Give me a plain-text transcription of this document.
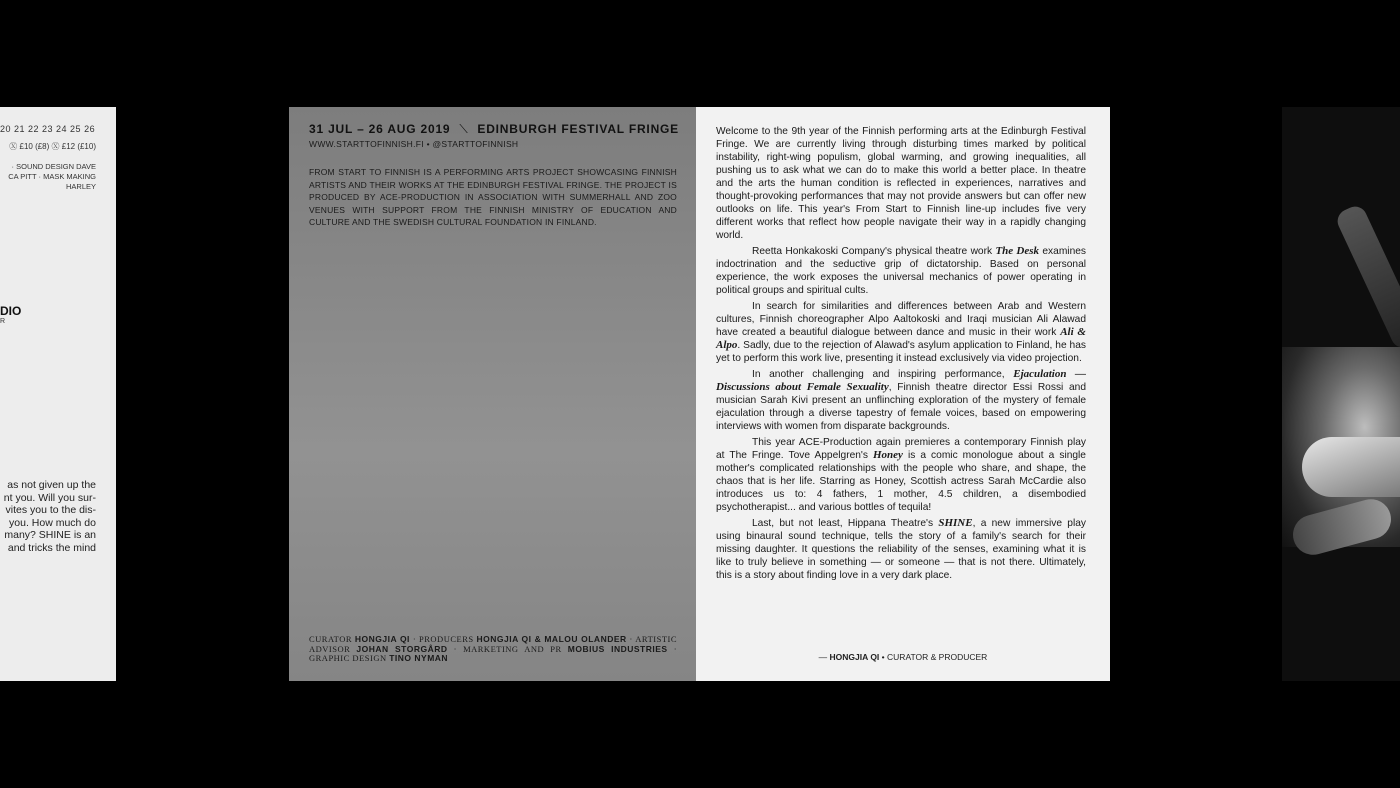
20 21 22 23 24 25 26
Ⓧ £10 (£8) Ⓧ £12 (£10)
· SOUND DESIGN DAVE
CA PITT · MASK MAKING
HARLEY
DIO
R
as not given up the nt you. Will you sur- vites you to the dis- you. How much do many? SHINE is an and tricks the mind
31 JUL – 26 AUG 2019 ⟍ EDINBURGH FESTIVAL FRINGE
WWW.STARTTOFINNISH.FI • @STARTTOFINNISH
FROM START TO FINNISH IS A PERFORMING ARTS PROJECT SHOWCASING FINNISH ARTISTS AND THEIR WORKS AT THE EDINBURGH FESTIVAL FRINGE. THE PROJECT IS PRODUCED BY ACE-PRODUCTION IN ASSOCIATION WITH SUMMERHALL AND ZOO VENUES WITH SUPPORT FROM THE FINNISH MINISTRY OF EDUCATION AND CULTURE AND THE SWEDISH CULTURAL FOUNDATION IN FINLAND.
CURATOR HONGJIA QI · PRODUCERS HONGJIA QI & MALOU OLANDER · ARTISTIC ADVISOR JOHAN STORGÅRD · MARKETING AND PR MOBIUS INDUSTRIES · GRAPHIC DESIGN TINO NYMAN

Welcome to the 9th year of the Finnish performing arts at the Edinburgh Festival Fringe. We are currently living through disturbing times marked by political instability, right-wing populism, global warming, and growing inequalities, all pushing us to ask what we can do to make this world a better place. In theatre and the arts the human condition is reflected in experiences, narratives and thought-provoking performances that may not provide answers but can offer new outlooks on life. This year's From Start to Finnish line-up includes five very different works that reflect how people navigate their way in a rapidly changing world.

Reetta Honkakoski Company's physical theatre work The Desk examines indoctrination and the seductive grip of dictatorship. Based on personal experience, the work exposes the universal mechanics of power operating in political groups and spiritual cults.

In search for similarities and differences between Arab and Western cultures, Finnish choreographer Alpo Aaltokoski and Iraqi musician Ali Alawad have created a beautiful dialogue between dance and music in their work Ali & Alpo. Sadly, due to the rejection of Alawad's asylum application to Finland, he has yet to perform this work live, presenting it instead exclusively via video projection.

In another challenging and inspiring performance, Ejaculation — Discussions about Female Sexuality, Finnish theatre director Essi Rossi and musician Sarah Kivi present an unflinching exploration of the mystery of female ejaculation through a diverse tapestry of female voices, based on empowering interviews with women from disparate backgrounds.

This year ACE-Production again premieres a contemporary Finnish play at The Fringe. Tove Appelgren's Honey is a comic monologue about a single mother's complicated relationships with the people who share, and shape, the chaos that is her life. Starring as Honey, Scottish actress Sarah McCardie also introduces us to: 4 fathers, 1 mother, 4.5 children, a disembodied psychotherapist... and various bottles of tequila!

Last, but not least, Hippana Theatre's SHINE, a new immersive play using binaural sound technique, tells the story of a family's search for their missing daughter. It questions the reliability of the senses, examining what it is like to truly believe in something — or someone — that is not there. Ultimately, this is a story about finding love in a very dark place.

— HONGJIA QI • CURATOR & PRODUCER
